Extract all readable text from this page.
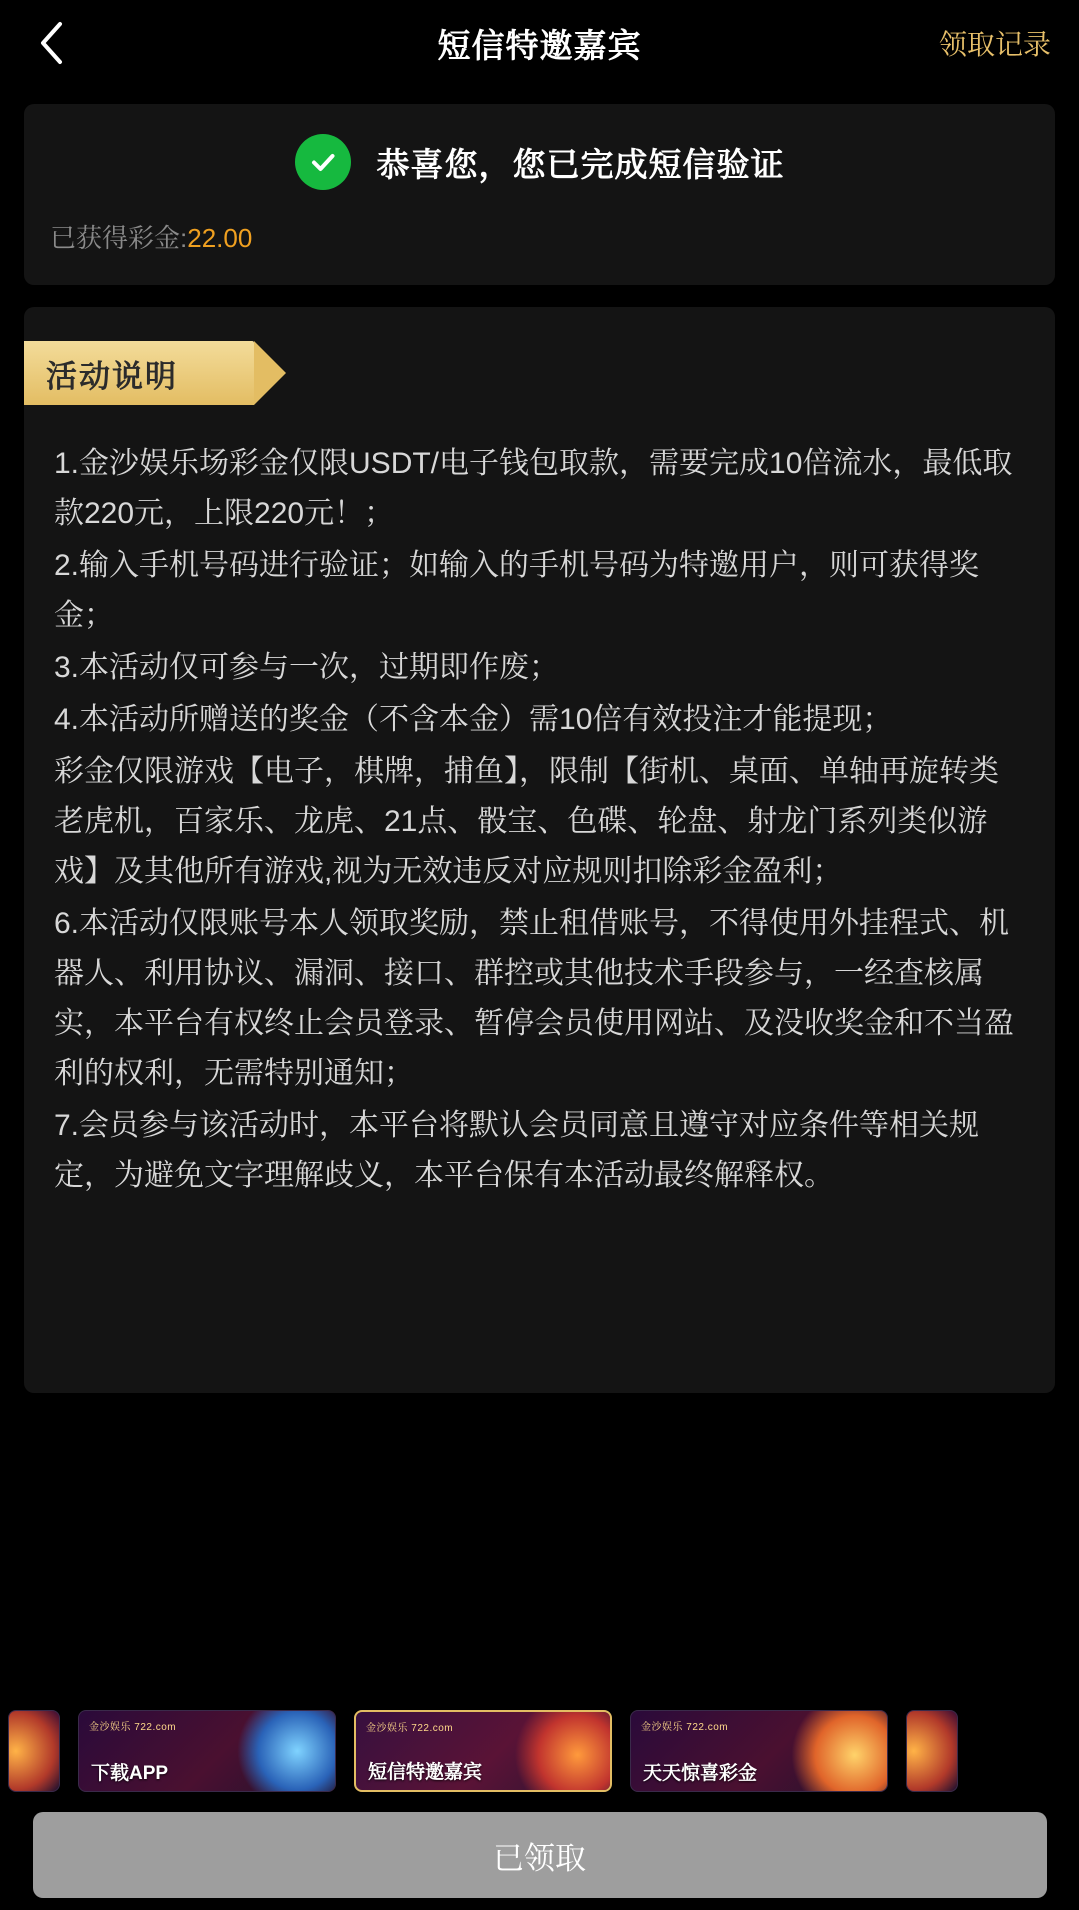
短信特邀嘉宾	领取记录
恭喜您，您已完成短信验证
已获得彩金: 22.00
活动说明

1.金沙娱乐场彩金仅限USDT/电子钱包取款，需要完成10倍流水，最低取款220元，上限220元！；

2.输入手机号码进行验证；如输入的手机号码为特邀用户，则可获得奖金；

3.本活动仅可参与一次，过期即作废；

4.本活动所赠送的奖金（不含本金）需10倍有效投注才能提现；

彩金仅限游戏【电子，棋牌，捕鱼】，限制【街机、桌面、单轴再旋转类老虎机，百家乐、龙虎、21点、骰宝、色碟、轮盘、射龙门系列类似游戏】及其他所有游戏,视为无效违反对应规则扣除彩金盈利；

6.本活动仅限账号本人领取奖励，禁止租借账号，不得使用外挂程式、机器人、利用协议、漏洞、接口、群控或其他技术手段参与，一经查核属实，本平台有权终止会员登录、暂停会员使用网站、及没收奖金和不当盈利的权利，无需特别通知；

7.会员参与该活动时，本平台将默认会员同意且遵守对应条件等相关规定，为避免文字理解歧义，本平台保有本活动最终解释权。

金沙娱乐 722.com
下载APP
金沙娱乐 722.com
短信特邀嘉宾
金沙娱乐 722.com
天天惊喜彩金
已领取
